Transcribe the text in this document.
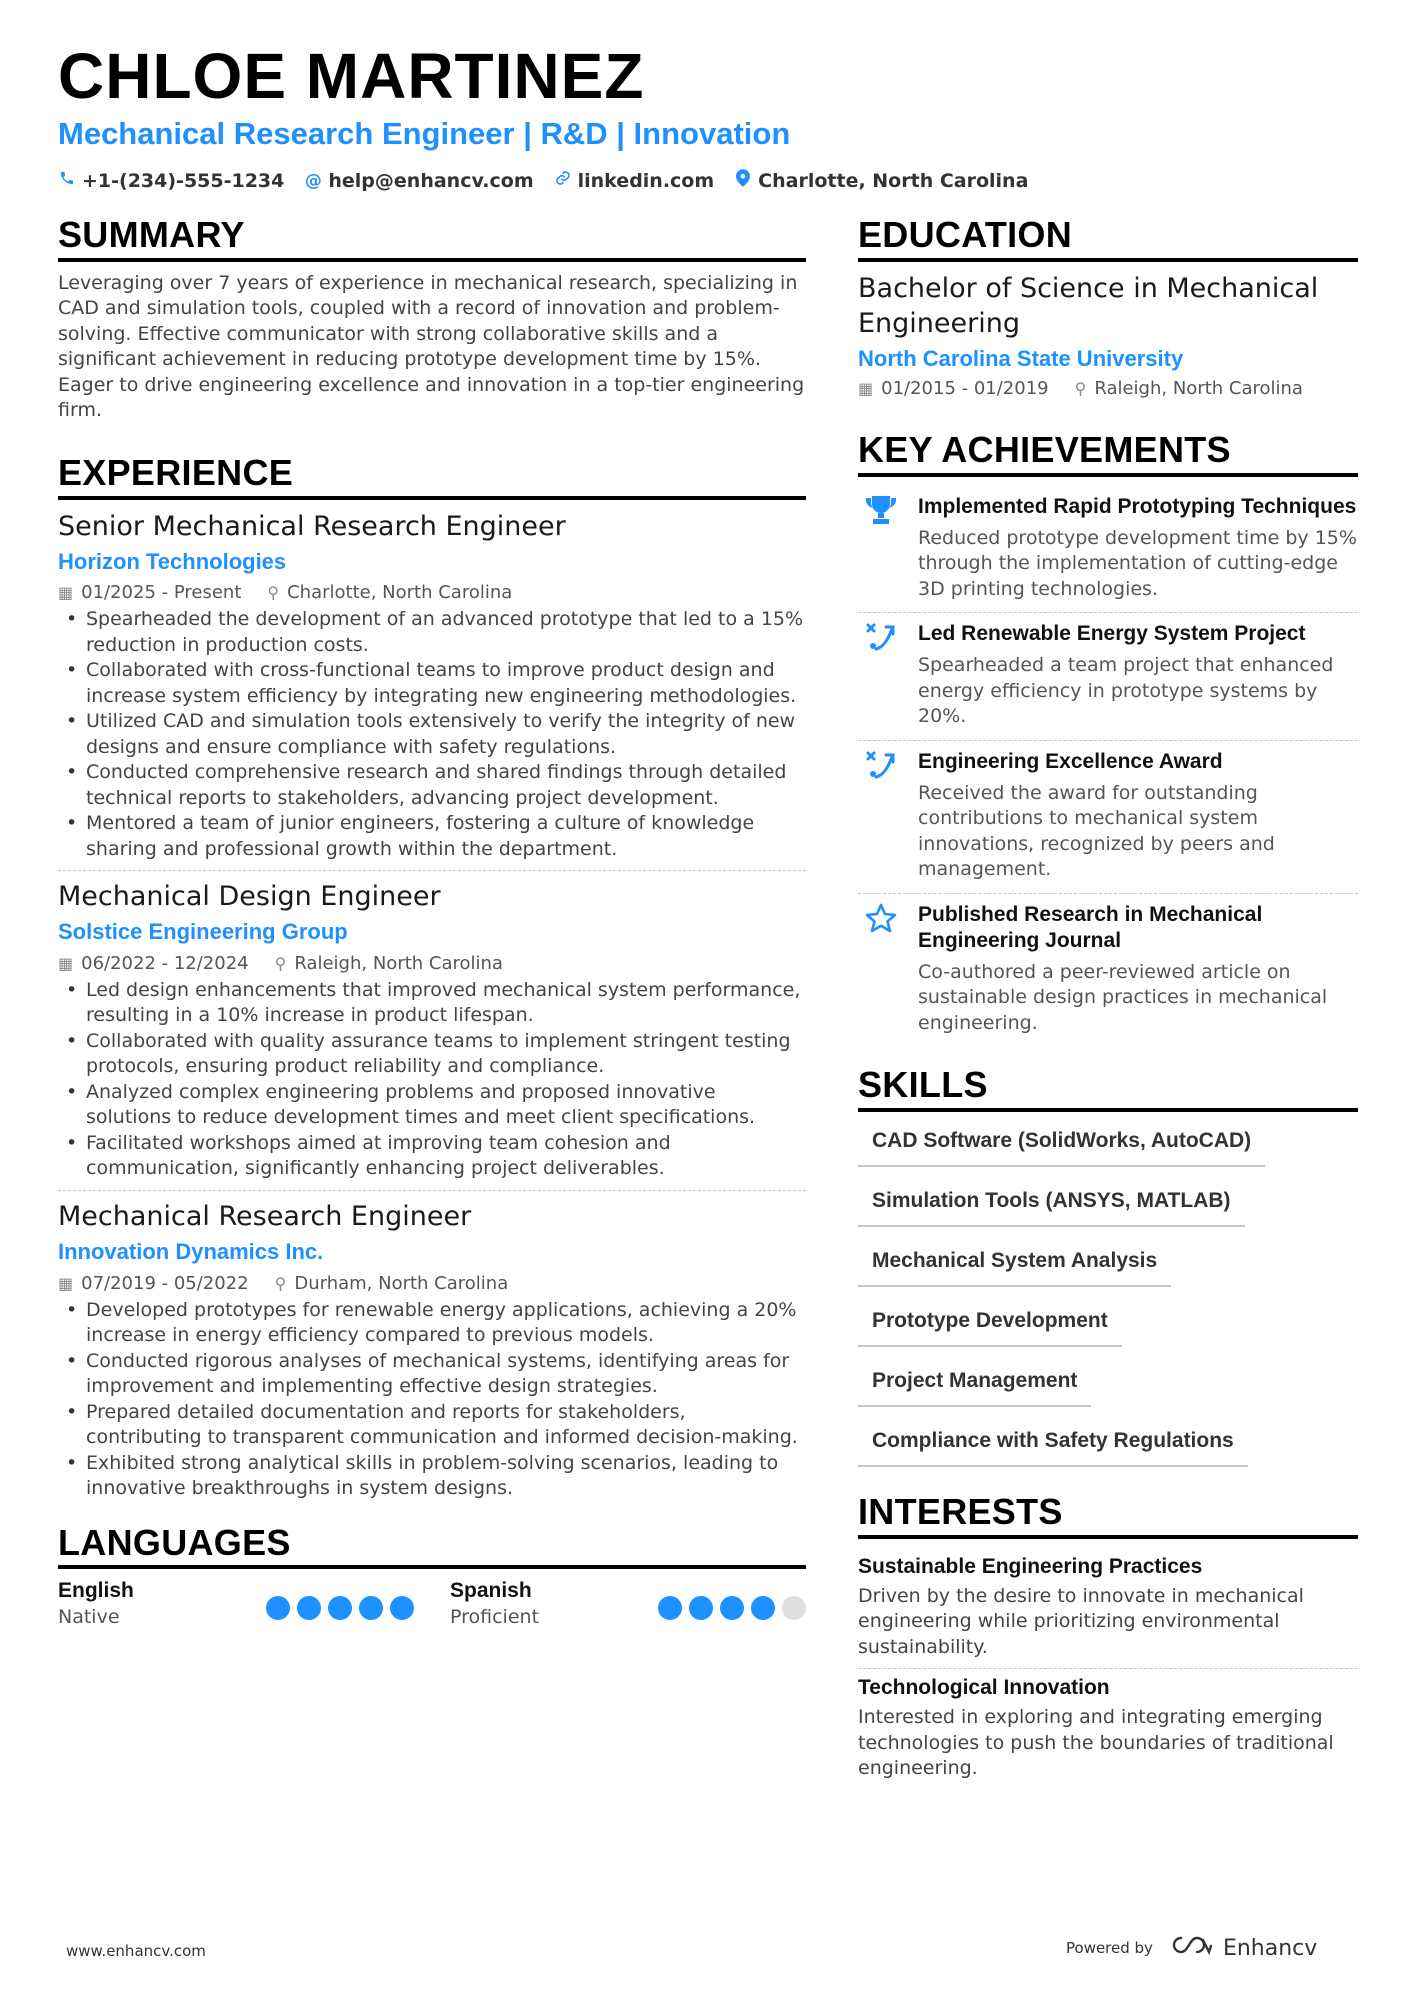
CHLOE MARTINEZ
Mechanical Research Engineer | R&D | Innovation
+1-(234)-555-1234 @ help@enhancv.com linkedin.com Charlotte, North Carolina
SUMMARY

Leveraging over 7 years of experience in mechanical research, specializing in CAD and simulation tools, coupled with a record of innovation and problem-solving. Effective communicator with strong collaborative skills and a significant achievement in reducing prototype development time by 15%. Eager to drive engineering excellence and innovation in a top-tier engineering firm.

EXPERIENCE
Senior Mechanical Research Engineer
Horizon Technologies
▦ 01/2025 - Present ⚲ Charlotte, North Carolina
• Spearheaded the development of an advanced prototype that led to a 15% reduction in production costs.
• Collaborated with cross-functional teams to improve product design and increase system efficiency by integrating new engineering methodologies.
• Utilized CAD and simulation tools extensively to verify the integrity of new designs and ensure compliance with safety regulations.
• Conducted comprehensive research and shared findings through detailed technical reports to stakeholders, advancing project development.
• Mentored a team of junior engineers, fostering a culture of knowledge sharing and professional growth within the department.
Mechanical Design Engineer
Solstice Engineering Group
▦ 06/2022 - 12/2024 ⚲ Raleigh, North Carolina
• Led design enhancements that improved mechanical system performance, resulting in a 10% increase in product lifespan.
• Collaborated with quality assurance teams to implement stringent testing protocols, ensuring product reliability and compliance.
• Analyzed complex engineering problems and proposed innovative solutions to reduce development times and meet client specifications.
• Facilitated workshops aimed at improving team cohesion and communication, significantly enhancing project deliverables.
Mechanical Research Engineer
Innovation Dynamics Inc.
▦ 07/2019 - 05/2022 ⚲ Durham, North Carolina
• Developed prototypes for renewable energy applications, achieving a 20% increase in energy efficiency compared to previous models.
• Conducted rigorous analyses of mechanical systems, identifying areas for improvement and implementing effective design strategies.
• Prepared detailed documentation and reports for stakeholders, contributing to transparent communication and informed decision-making.
• Exhibited strong analytical skills in problem-solving scenarios, leading to innovative breakthroughs in system designs.
LANGUAGES
English
Native
Spanish
Proficient
EDUCATION
Bachelor of Science in Mechanical Engineering
North Carolina State University
▦ 01/2015 - 01/2019 ⚲ Raleigh, North Carolina
KEY ACHIEVEMENTS
Implemented Rapid Prototyping Techniques
Reduced prototype development time by 15% through the implementation of cutting-edge 3D printing technologies.
Led Renewable Energy System Project
Spearheaded a team project that enhanced energy efficiency in prototype systems by 20%.
Engineering Excellence Award
Received the award for outstanding contributions to mechanical system innovations, recognized by peers and management.
Published Research in Mechanical Engineering Journal
Co-authored a peer-reviewed article on sustainable design practices in mechanical engineering.
SKILLS
CAD Software (SolidWorks, AutoCAD)
Simulation Tools (ANSYS, MATLAB)
Mechanical System Analysis
Prototype Development
Project Management
Compliance with Safety Regulations
INTERESTS
Sustainable Engineering Practices
Driven by the desire to innovate in mechanical engineering while prioritizing environmental sustainability.
Technological Innovation
Interested in exploring and integrating emerging technologies to push the boundaries of traditional engineering.
www.enhancv.com	Powered by	Enhancv
